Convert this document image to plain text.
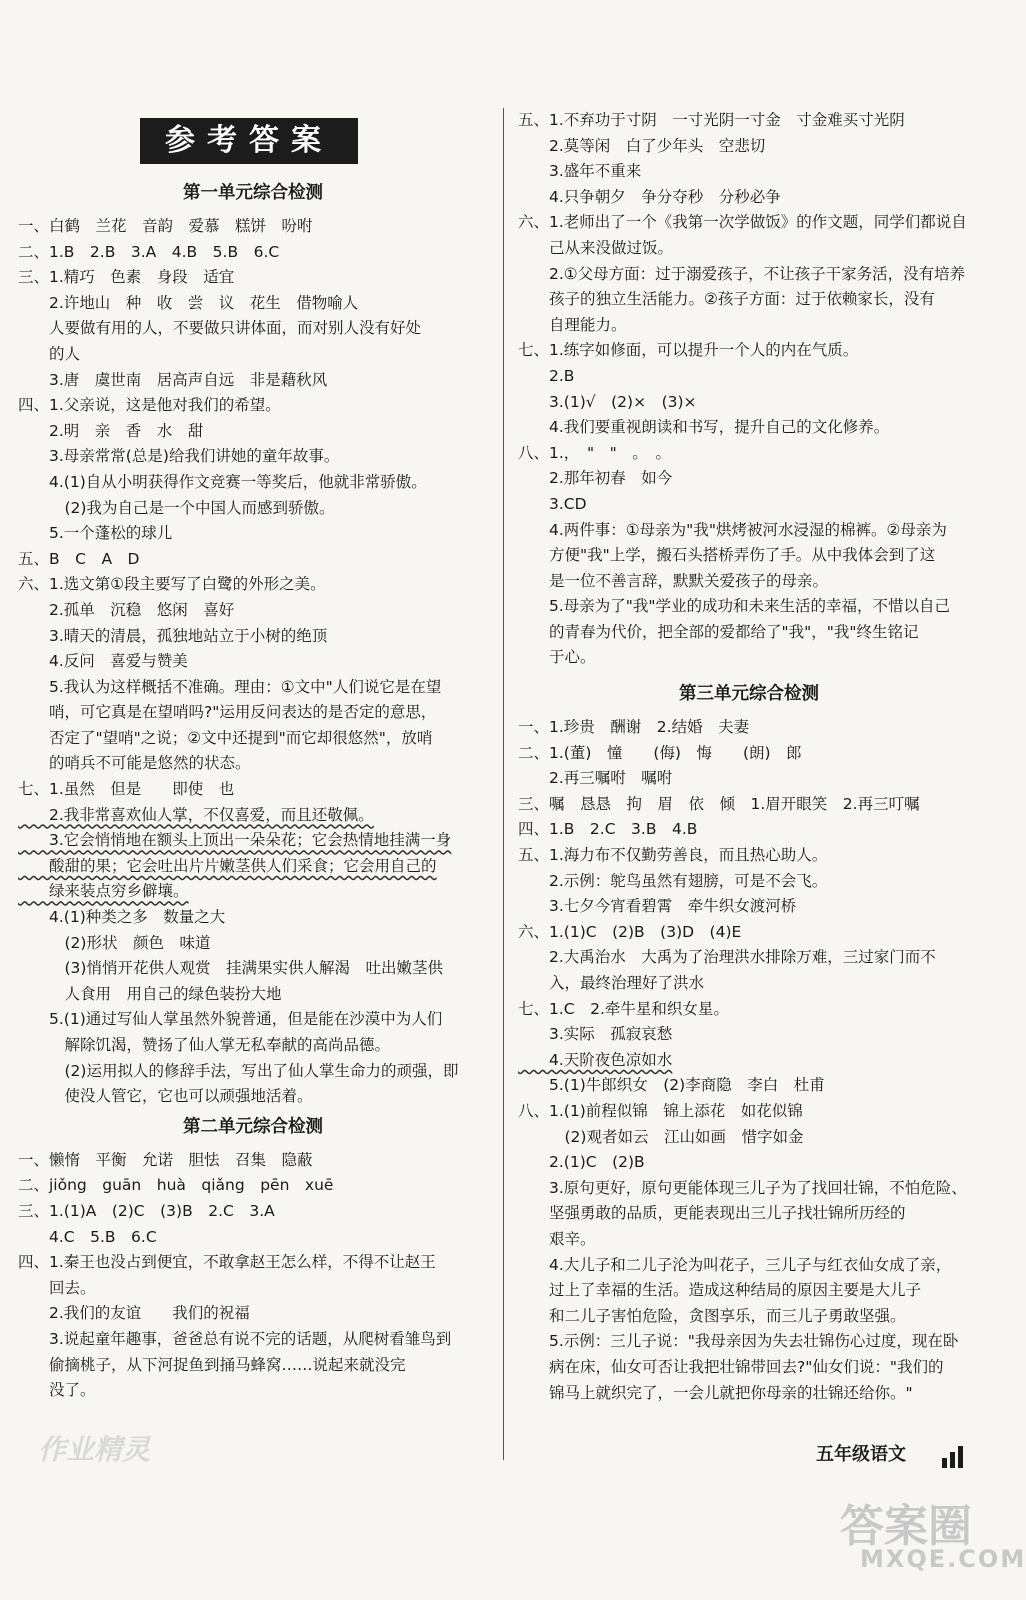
参考答案
第一单元综合检测
一、白鹤　兰花　音韵　爱慕　糕饼　吩咐
二、1.B　2.B　3.A　4.B　5.B　6.C
三、1.精巧　色素　身段　适宜
　　2.许地山　种　收　尝　议　花生　借物喻人
　　人要做有用的人，不要做只讲体面，而对别人没有好处
　　的人
　　3.唐　虞世南　居高声自远　非是藉秋风
四、1.父亲说，这是他对我们的希望。
　　2.明　亲　香　水　甜
　　3.母亲常常(总是)给我们讲她的童年故事。
　　4.(1)自从小明获得作文竞赛一等奖后，他就非常骄傲。
　　　(2)我为自己是一个中国人而感到骄傲。
　　5.一个蓬松的球儿
五、B　C　A　D
六、1.选文第①段主要写了白鹭的外形之美。
　　2.孤单　沉稳　悠闲　喜好
　　3.晴天的清晨，孤独地站立于小树的绝顶
　　4.反问　喜爱与赞美
　　5.我认为这样概括不准确。理由：①文中"人们说它是在望
　　哨，可它真是在望哨吗?"运用反问表达的是否定的意思，
　　否定了"望哨"之说；②文中还提到"而它却很悠然"，放哨
　　的哨兵不可能是悠然的状态。
七、1.虽然　但是　　即使　也
　　2.我非常喜欢仙人掌，不仅喜爱，而且还敬佩。
　　3.它会悄悄地在额头上顶出一朵朵花；它会热情地挂满一身
　　酸甜的果；它会吐出片片嫩茎供人们采食；它会用自己的
　　绿来装点穷乡僻壤。
　　4.(1)种类之多　数量之大
　　　(2)形状　颜色　味道
　　　(3)悄悄开花供人观赏　挂满果实供人解渴　吐出嫩茎供
　　　人食用　用自己的绿色装扮大地
　　5.(1)通过写仙人掌虽然外貌普通，但是能在沙漠中为人们
　　　解除饥渴，赞扬了仙人掌无私奉献的高尚品德。
　　　(2)运用拟人的修辞手法，写出了仙人掌生命力的顽强，即
　　　使没人管它，它也可以顽强地活着。
第二单元综合检测
一、懒惰　平衡　允诺　胆怯　召集　隐蔽
二、jiǒng　guān　huà　qiǎng　pēn　xuē
三、1.(1)A　(2)C　(3)B　2.C　3.A
　　4.C　5.B　6.C
四、1.秦王也没占到便宜，不敢拿赵王怎么样，不得不让赵王
　　回去。
　　2.我们的友谊　　我们的祝福
　　3.说起童年趣事，爸爸总有说不完的话题，从爬树看雏鸟到
　　偷摘桃子，从下河捉鱼到捅马蜂窝……说起来就没完
　　没了。
五、1.不弃功于寸阴　一寸光阴一寸金　寸金难买寸光阴
　　2.莫等闲　白了少年头　空悲切
　　3.盛年不重来
　　4.只争朝夕　争分夺秒　分秒必争
六、1.老师出了一个《我第一次学做饭》的作文题，同学们都说自
　　己从来没做过饭。
　　2.①父母方面：过于溺爱孩子，不让孩子干家务活，没有培养
　　孩子的独立生活能力。②孩子方面：过于依赖家长，没有
　　自理能力。
七、1.练字如修面，可以提升一个人的内在气质。
　　2.B
　　3.(1)√　(2)×　(3)×
　　4.我们要重视朗读和书写，提升自己的文化修养。
八、1.，　"　"　。　。
　　2.那年初春　如今
　　3.CD
　　4.两件事：①母亲为"我"烘烤被河水浸湿的棉裤。②母亲为
　　方便"我"上学，搬石头搭桥弄伤了手。从中我体会到了这
　　是一位不善言辞，默默关爱孩子的母亲。
　　5.母亲为了"我"学业的成功和未来生活的幸福，不惜以自己
　　的青春为代价，把全部的爱都给了"我"，"我"终生铭记
　　于心。
第三单元综合检测
一、1.珍贵　酬谢　2.结婚　夫妻
二、1.(董)　憧　　(侮)　悔　　(朗)　郎
　　2.再三嘱咐　嘱咐
三、嘱　恳恳　拘　眉　依　倾　1.眉开眼笑　2.再三叮嘱
四、1.B　2.C　3.B　4.B
五、1.海力布不仅勤劳善良，而且热心助人。
　　2.示例：鸵鸟虽然有翅膀，可是不会飞。
　　3.七夕今宵看碧霄　牵牛织女渡河桥
六、1.(1)C　(2)B　(3)D　(4)E
　　2.大禹治水　大禹为了治理洪水排除万难，三过家门而不
　　入，最终治理好了洪水
七、1.C　2.牵牛星和织女星。
　　3.实际　孤寂哀愁
　　4.天阶夜色凉如水
　　5.(1)牛郎织女　(2)李商隐　李白　杜甫
八、1.(1)前程似锦　锦上添花　如花似锦
　　　(2)观者如云　江山如画　惜字如金
　　2.(1)C　(2)B
　　3.原句更好，原句更能体现三儿子为了找回壮锦，不怕危险、
　　坚强勇敢的品质，更能表现出三儿子找壮锦所历经的
　　艰辛。
　　4.大儿子和二儿子沦为叫花子，三儿子与红衣仙女成了亲，
　　过上了幸福的生活。造成这种结局的原因主要是大儿子
　　和二儿子害怕危险，贪图享乐，而三儿子勇敢坚强。
　　5.示例：三儿子说："我母亲因为失去壮锦伤心过度，现在卧
　　病在床，仙女可否让我把壮锦带回去?"仙女们说："我们的
　　锦马上就织完了，一会儿就把你母亲的壮锦还给你。"
五年级语文
作业精灵
答案圈
MXQE.COM
